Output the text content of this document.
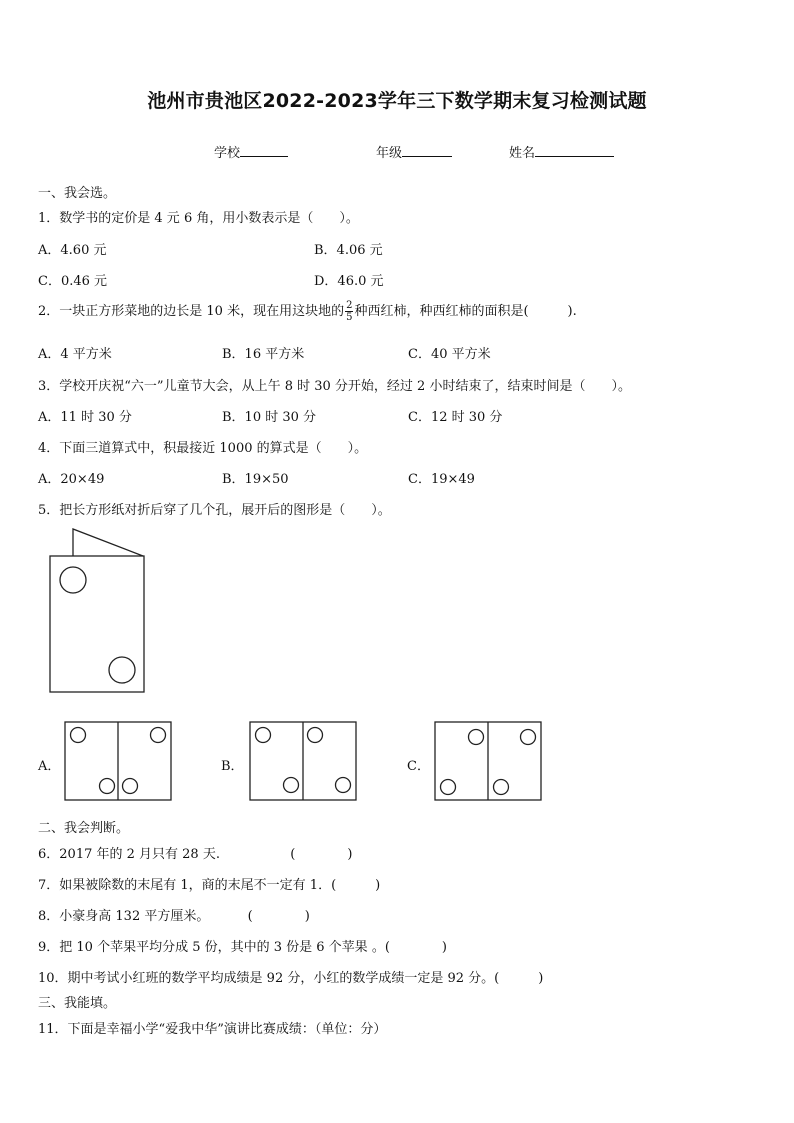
池州市贵池区2022-2023学年三下数学期末复习检测试题
学校	年级	姓名
一、我会选。
1．数学书的定价是 4 元 6 角，用小数表示是（　　）。
A．4.60 元	B．4.06 元
C．0.46 元	D．46.0 元
2．一块正方形菜地的边长是 10 米，现在用这块地的 $\frac{2}{5}$ 种西红柿，种西红柿的面积是(　　　).
A．4 平方米	B．16 平方米	C．40 平方米
3．学校开庆祝“六一”儿童节大会，从上午 8 时 30 分开始，经过 2 小时结束了，结束时间是（　　）。
A．11 时 30 分	B．10 时 30 分	C．12 时 30 分
4．下面三道算式中，积最接近 1000 的算式是（　　）。
A．20×49	B．19×50	C．19×49
5．把长方形纸对折后穿了几个孔，展开后的图形是（　　）。
A．	B．	C．
二、我会判断。
6．2017 年的 2 月只有 28 天.	(　　　　)
7．如果被除数的末尾有 1，商的末尾不一定有 1．(　　　)
8．小豪身高 132 平方厘米。	(　　　　)
9．把 10 个苹果平均分成 5 份，其中的 3 份是 6 个苹果 。(　　　　)
10．期中考试小红班的数学平均成绩是 92 分，小红的数学成绩一定是 92 分。(　　　)
三、我能填。
11．下面是幸福小学“爱我中华”演讲比赛成绩：（单位：分）
